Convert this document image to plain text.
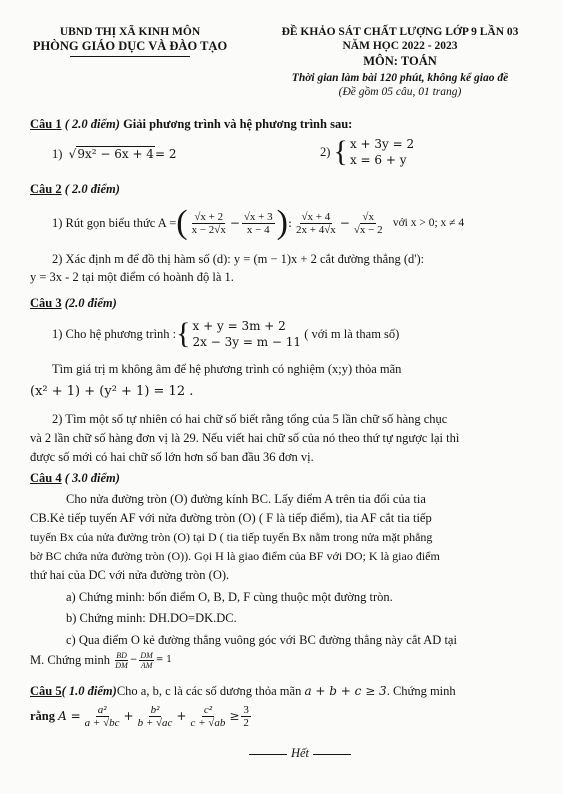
UBND THỊ XÃ KINH MÔN
PHÒNG GIÁO DỤC VÀ ĐÀO TẠO
ĐỀ KHẢO SÁT CHẤT LƯỢNG LỚP 9 LẦN 03
NĂM HỌC 2022 - 2023
MÔN: TOÁN
Thời gian làm bài 120 phút, không kể giao đề
(Đề gồm 05 câu, 01 trang)
Câu 1 ( 2.0 điểm) Giải phương trình và hệ phương trình sau:
1)
√ 9x² − 6x + 4 = 2	2)
{ x + 3y = 2
x = 6 + y
Câu 2 ( 2.0 điểm)
1) Rút gọn biểu thức A = ( $\frac{√x + 2}{x - 2√x} - \frac{√x + 3}{x - 4}$ ) : $\frac{√x + 4}{2x + 4√x} - \frac{√x}{√x - 2}$
với x > 0; x ≠ 4
2) Xác định m để đồ thị hàm số (d): y = (m − 1)x + 2 cắt đường thẳng (d'):
y = 3x - 2 tại một điểm có hoành độ là 1.
Câu 3 (2.0 điểm)
1) Cho hệ phương trình : { x + y = 3m + 2
2x − 3y = m − 11

( với m là tham số)
Tìm giá trị m không âm để hệ phương trình có nghiệm (x;y) thỏa mãn
(x² + 1) + (y² + 1) = 12 .
2) Tìm một số tự nhiên có hai chữ số biết rằng tổng của 5 lần chữ số hàng chục
và 2 lần chữ số hàng đơn vị là 29. Nếu viết hai chữ số của nó theo thứ tự ngược lại thì
được số mới có hai chữ số lớn hơn số ban đầu 36 đơn vị.
Câu 4 ( 3.0 điểm)
Cho nửa đường tròn (O) đường kính BC. Lấy điểm A trên tia đối của tia
CB.Kẻ tiếp tuyến AF với nửa đường tròn (O) ( F là tiếp điểm), tia AF cắt tia tiếp
tuyến Bx của nửa đường tròn (O) tại D ( tia tiếp tuyến Bx nằm trong nửa mặt phẳng
bờ BC chứa nửa đường tròn (O)). Gọi H là giao điểm của BF với DO; K là giao điểm
thứ hai của DC với nửa đường tròn (O).
a) Chứng minh: bốn điểm O, B, D, F cùng thuộc một đường tròn.
b) Chứng minh: DH.DO=DK.DC.
c) Qua điểm O kẻ đường thẳng vuông góc với BC đường thẳng này cắt AD tại
M. Chứng minh
$\frac{BD}{DM} - \frac{DM}{AM} = 1$
Câu 5 ( 1.0 điểm) Cho a, b, c là các số dương thỏa mãn
a + b + c ≥ 3 . Chứng minh
rằng
$A = \frac{\text{a²}}{a + √bc} + \frac{\text{b²}}{b + √ac} + \frac{\text{c²}}{c + √ab} \ge \frac{3}{2}$
Hết
